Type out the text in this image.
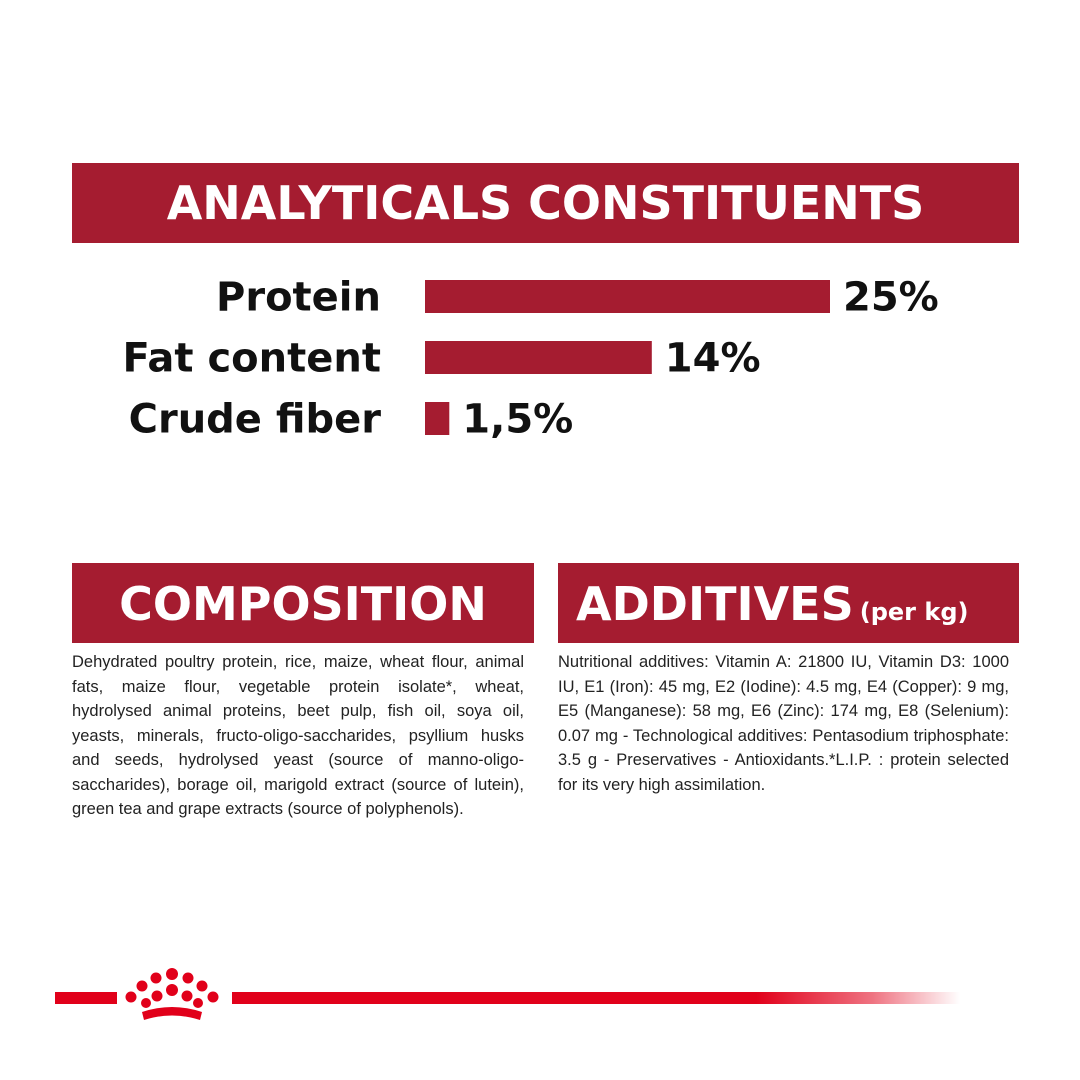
ANALYTICALS CONSTITUENTS
Protein	25%
Fat content	14%
Crude fiber 1,5%
COMPOSITION	ADDITIVES (per kg)

Dehydrated poultry protein, rice, maize, wheat flour, animal fats, maize flour, vegetable protein isolate*, wheat, hydrolysed animal proteins, beet pulp, fish oil, soya oil, yeasts, minerals, fructo-oligo-saccharides, psyllium husks and seeds, hydrolysed yeast (source of manno-oligo-saccharides), borage oil, marigold extract (source of lutein), green tea and grape extracts (source of polyphenols).

Nutritional additives: Vitamin A: 21800 IU, Vitamin D3: 1000 IU, E1 (Iron): 45 mg, E2 (Iodine): 4.5 mg, E4 (Copper): 9 mg, E5 (Manganese): 58 mg, E6 (Zinc): 174 mg, E8 (Selenium): 0.07 mg - Technological additives: Pentasodium triphosphate: 3.5 g - Preservatives - Antioxidants.*L.I.P. : protein selected for its very high assimilation.
